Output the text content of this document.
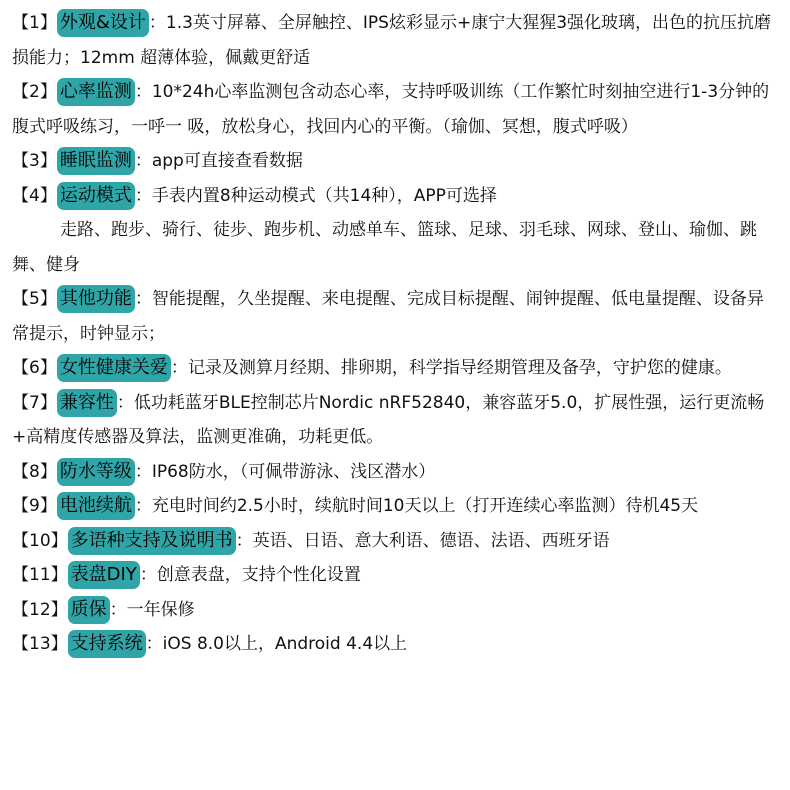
【1】 外观&设计 ：1.3英寸屏幕、全屏触控、IPS炫彩显示+康宁大猩猩3强化玻璃，出色的抗压抗磨损能力；12mm 超薄体验，佩戴更舒适

【2】 心率监测 ：10*24h心率监测包含动态心率，支持呼吸训练（工作繁忙时刻抽空进行1-3分钟的腹式呼吸练习，一呼一 吸，放松身心，找回内心的平衡。（瑜伽、冥想，腹式呼吸）

【3】 睡眠监测 ：app可直接查看数据

【4】 运动模式 ：手表内置8种运动模式（共14种），APP可选择
走路、跑步、骑行、徒步、跑步机、动感单车、篮球、足球、羽毛球、网球、登山、瑜伽、跳舞、健身

【5】 其他功能 ：智能提醒，久坐提醒、来电提醒、完成目标提醒、闹钟提醒、低电量提醒、设备异常提示，时钟显示；

【6】 女性健康关爱 ：记录及测算月经期、排卵期，科学指导经期管理及备孕，守护您的健康。

【7】 兼容性 ：低功耗蓝牙BLE控制芯片Nordic nRF52840，兼容蓝牙5.0，扩展性强，运行更流畅+高精度传感器及算法，监测更准确，功耗更低。

【8】 防水等级 ：IP68防水，（可佩带游泳、浅区潜水）

【9】 电池续航 ：充电时间约2.5小时，续航时间10天以上（打开连续心率监测）待机45天

【10】 多语种支持及说明书 ：英语、日语、意大利语、德语、法语、西班牙语

【11】 表盘DIY ：创意表盘，支持个性化设置

【12】 质保 ：一年保修

【13】 支持系统 ：iOS 8.0以上，Android 4.4以上
